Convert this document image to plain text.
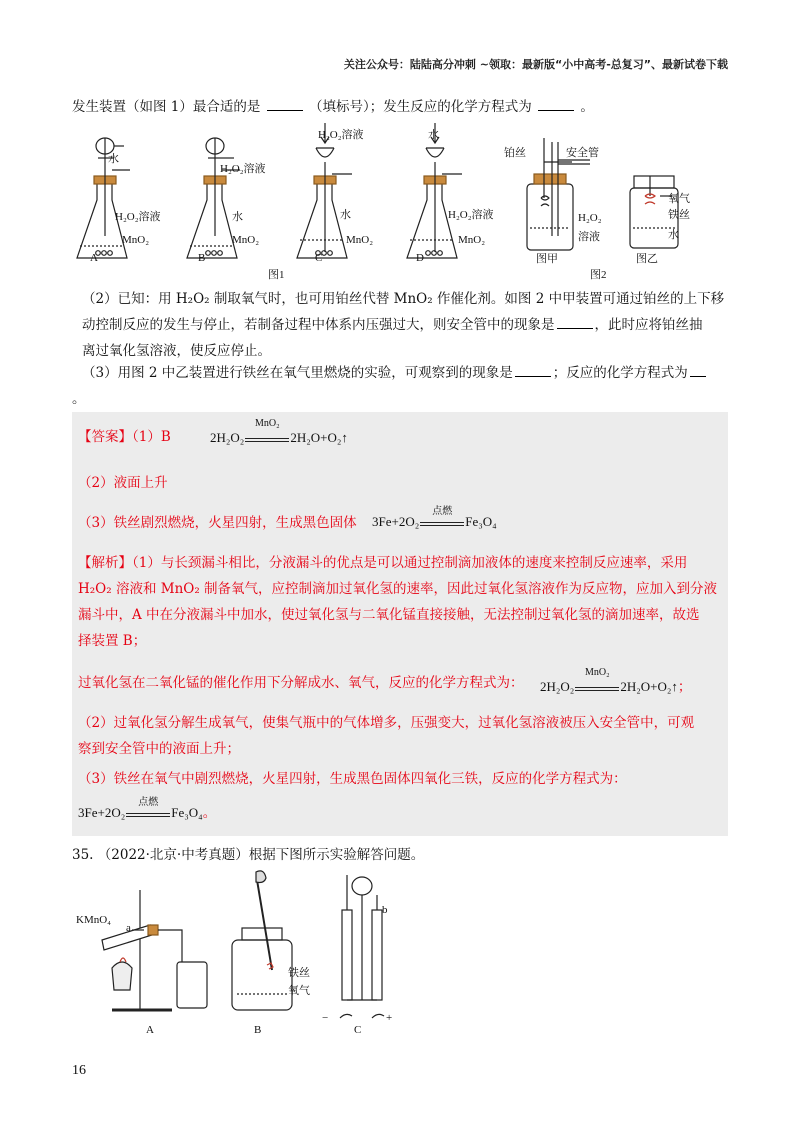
关注公众号：陆陆高分冲刺 ~领取：最新版“小中高考-总复习”、最新试卷下载
发生装置（如图 1）最合适的是	（填标号）；发生反应的化学方程式为	。
水
H₂O₂溶液
MnO₂
A
H₂O₂溶液
水
MnO₂
B
H₂O₂溶液
水
MnO₂
C
水
H₂O₂溶液
MnO₂
D
图1
铂丝	安全管
H₂O₂
溶液
图甲
氧气
铁丝
水
图乙
图2
（2）已知：用 H₂O₂ 制取氧气时，也可用铂丝代替 MnO₂ 作催化剂。如图 2 中甲装置可通过铂丝的上下移
动控制反应的发生与停止，若制备过程中体系内压强过大，则安全管中的现象是	，此时应将铂丝抽
离过氧化氢溶液，使反应停止。
（3）用图 2 中乙装置进行铁丝在氧气里燃烧的实验，可观察到的现象是	；反应的化学方程式为
。
【答案】（1）B	2H₂O₂
MnO₂
2H₂O+O₂↑
（2）液面上升
（3）铁丝剧烈燃烧，火星四射，生成黑色固体 3Fe+2O₂
点燃
Fe₃O₄
【解析】（1）与长颈漏斗相比，分液漏斗的优点是可以通过控制滴加液体的速度来控制反应速率，采用
H₂O₂ 溶液和 MnO₂ 制备氧气，应控制滴加过氧化氢的速率，因此过氧化氢溶液作为反应物，应加入到分液
漏斗中，A 中在分液漏斗中加水，使过氧化氢与二氧化锰直接接触，无法控制过氧化氢的滴加速率，故选
择装置 B；
过氧化氢在二氧化锰的催化作用下分解成水、氧气，反应的化学方程式为： 2H₂O₂
MnO₂
2H₂O+O₂↑；
（2）过氧化氢分解生成氧气，使集气瓶中的气体增多，压强变大，过氧化氢溶液被压入安全管中，可观
察到安全管中的液面上升；
（3）铁丝在氧气中剧烈燃烧，火星四射，生成黑色固体四氧化三铁，反应的化学方程式为：
3Fe+2O₂
点燃
Fe₃O₄。
35. （2022·北京·中考真题）根据下图所示实验解答问题。
KMnO₄
a
A
铁丝
氧气
B
b
−	+
C
16
